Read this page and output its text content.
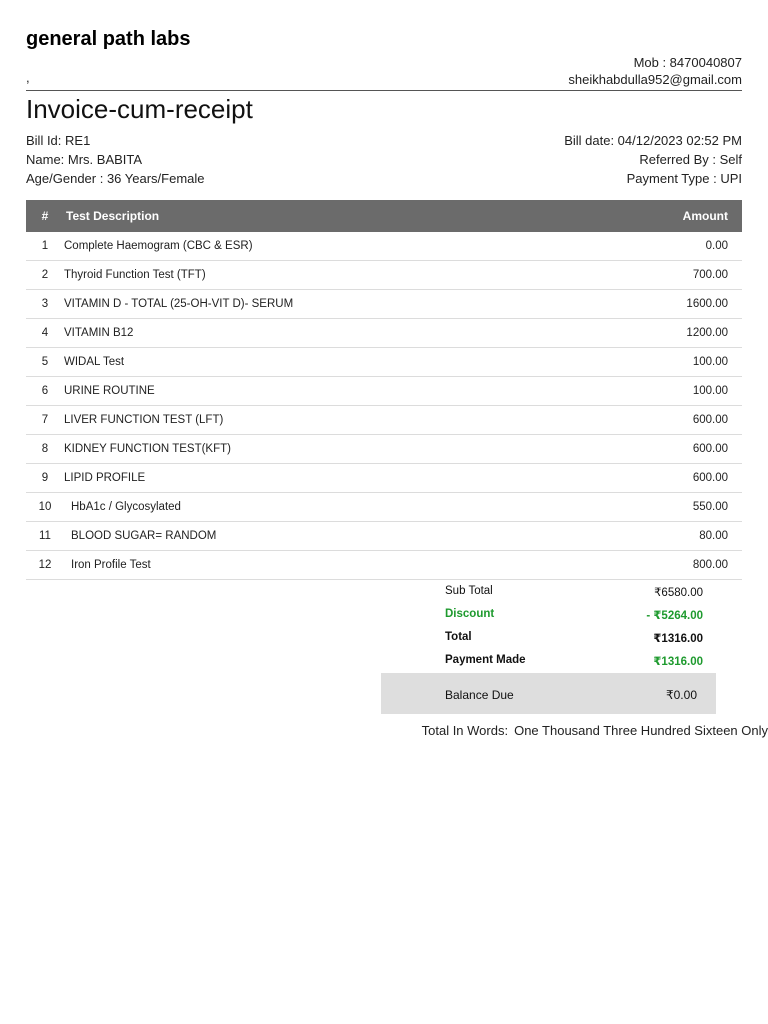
general path labs
,
Mob : 8470040807
sheikhabdulla952@gmail.com
Invoice-cum-receipt
Bill Id: RE1
Name: Mrs. BABITA
Age/Gender : 36 Years/Female
Bill date: 04/12/2023 02:52 PM
Referred By : Self
Payment Type : UPI
#	Test Description	Amount
1	Complete Haemogram (CBC & ESR)	0.00
2	Thyroid Function Test (TFT)	700.00
3	VITAMIN D - TOTAL (25-OH-VIT D)- SERUM	1600.00
4	VITAMIN B12	1200.00
5	WIDAL Test	100.00
6	URINE ROUTINE	100.00
7	LIVER FUNCTION TEST (LFT)	600.00
8	KIDNEY FUNCTION TEST(KFT)	600.00
9	LIPID PROFILE	600.00
10	HbA1c / Glycosylated	550.00
11	BLOOD SUGAR= RANDOM	80.00
12	Iron Profile Test	800.00
Sub Total	₹6580.00
Discount	- ₹5264.00
Total	₹1316.00
Payment Made	₹1316.00
Balance Due	₹0.00
Total In Words: One Thousand Three Hundred Sixteen Only
